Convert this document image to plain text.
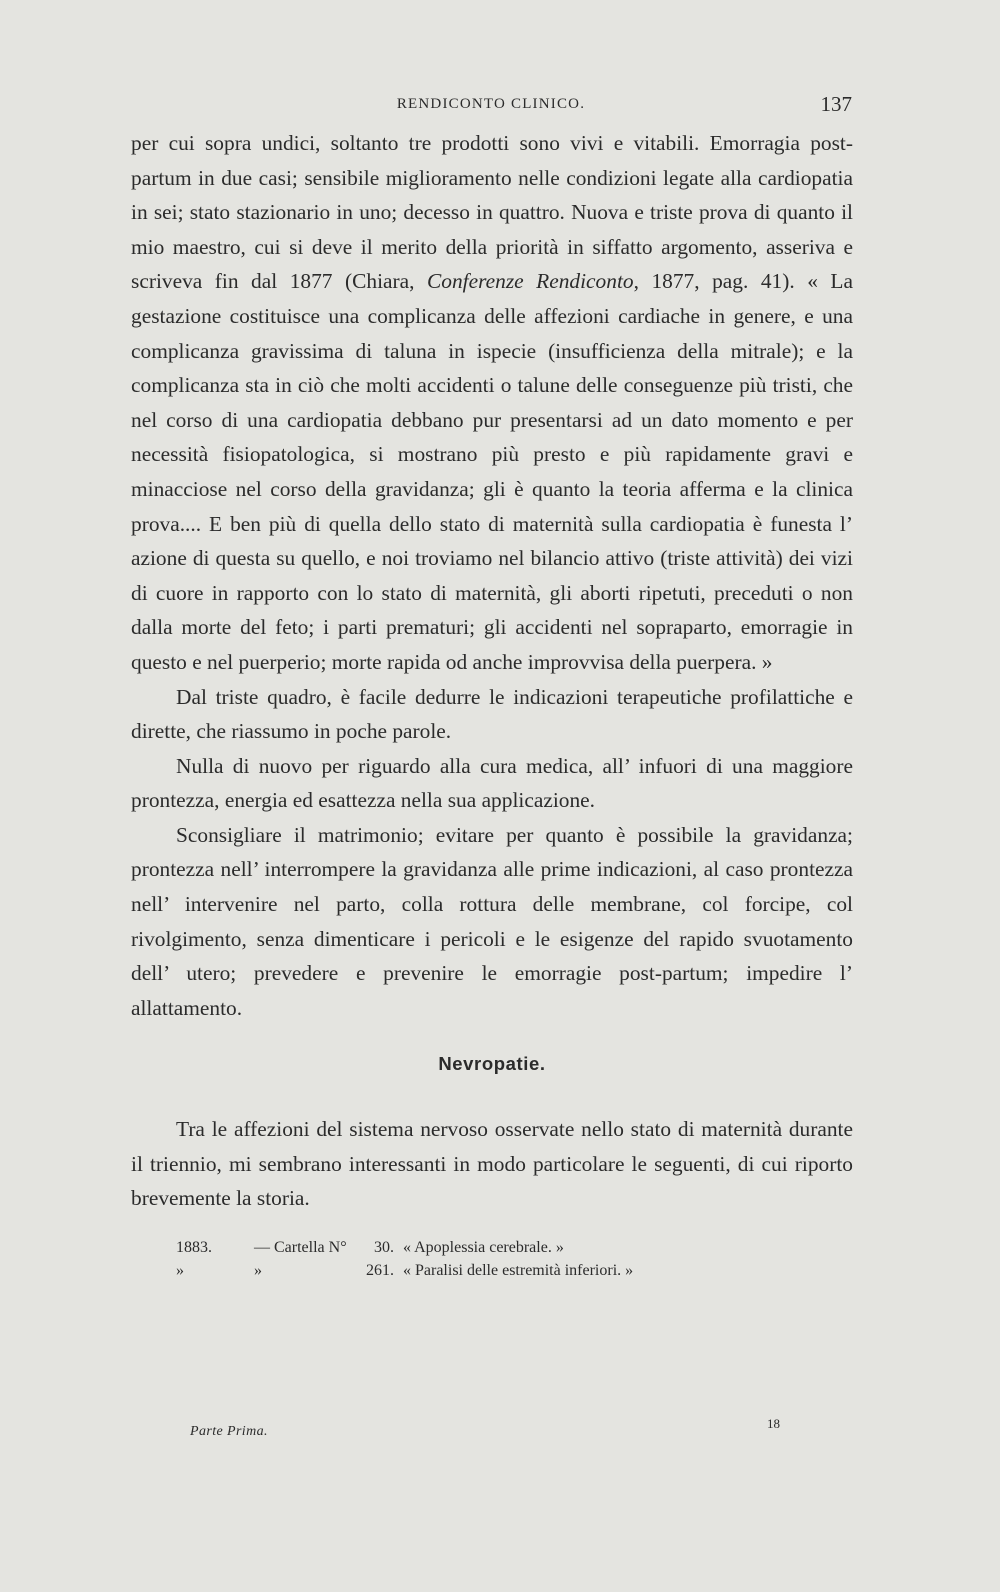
RENDICONTO CLINICO.	137

per cui sopra undici, soltanto tre prodotti sono vivi e vitabili. Emorragia post-partum in due casi; sensibile miglioramento nelle condizioni legate alla cardiopatia in sei; stato stazionario in uno; decesso in quattro. Nuova e triste prova di quanto il mio maestro, cui si deve il merito della priorità in siffatto argomento, asseriva e scriveva fin dal 1877 (Chiara, Conferenze Rendiconto, 1877, pag. 41). « La gestazione costituisce una complicanza delle affezioni cardiache in genere, e una complicanza gravissima di taluna in ispecie (insufficienza della mitrale); e la complicanza sta in ciò che molti accidenti o talune delle conseguenze più tristi, che nel corso di una cardiopatia debbano pur presentarsi ad un dato momento e per necessità fisiopatologica, si mostrano più presto e più rapidamente gravi e minacciose nel corso della gravidanza; gli è quanto la teoria afferma e la clinica prova.... E ben più di quella dello stato di maternità sulla cardiopatia è funesta l’ azione di questa su quello, e noi troviamo nel bilancio attivo (triste attività) dei vizi di cuore in rapporto con lo stato di maternità, gli aborti ripetuti, preceduti o non dalla morte del feto; i parti prematuri; gli accidenti nel sopraparto, emorragie in questo e nel puerperio; morte rapida od anche improvvisa della puerpera. »

Dal triste quadro, è facile dedurre le indicazioni terapeutiche profilattiche e dirette, che riassumo in poche parole.

Nulla di nuovo per riguardo alla cura medica, all’ infuori di una maggiore prontezza, energia ed esattezza nella sua applicazione.

Sconsigliare il matrimonio; evitare per quanto è possibile la gravidanza; prontezza nell’ interrompere la gravidanza alle prime indicazioni, al caso prontezza nell’ intervenire nel parto, colla rottura delle membrane, col forcipe, col rivolgimento, senza dimenticare i pericoli e le esigenze del rapido svuotamento dell’ utero; prevedere e prevenire le emorragie post-partum; impedire l’ allattamento.

Nevropatie.

Tra le affezioni del sistema nervoso osservate nello stato di maternità durante il triennio, mi sembrano interessanti in modo particolare le seguenti, di cui riporto brevemente la storia.

1883.	— Cartella N°	30. « Apoplessia cerebrale. »
»	»	261. « Paralisi delle estremità inferiori. »
Parte Prima.
18
